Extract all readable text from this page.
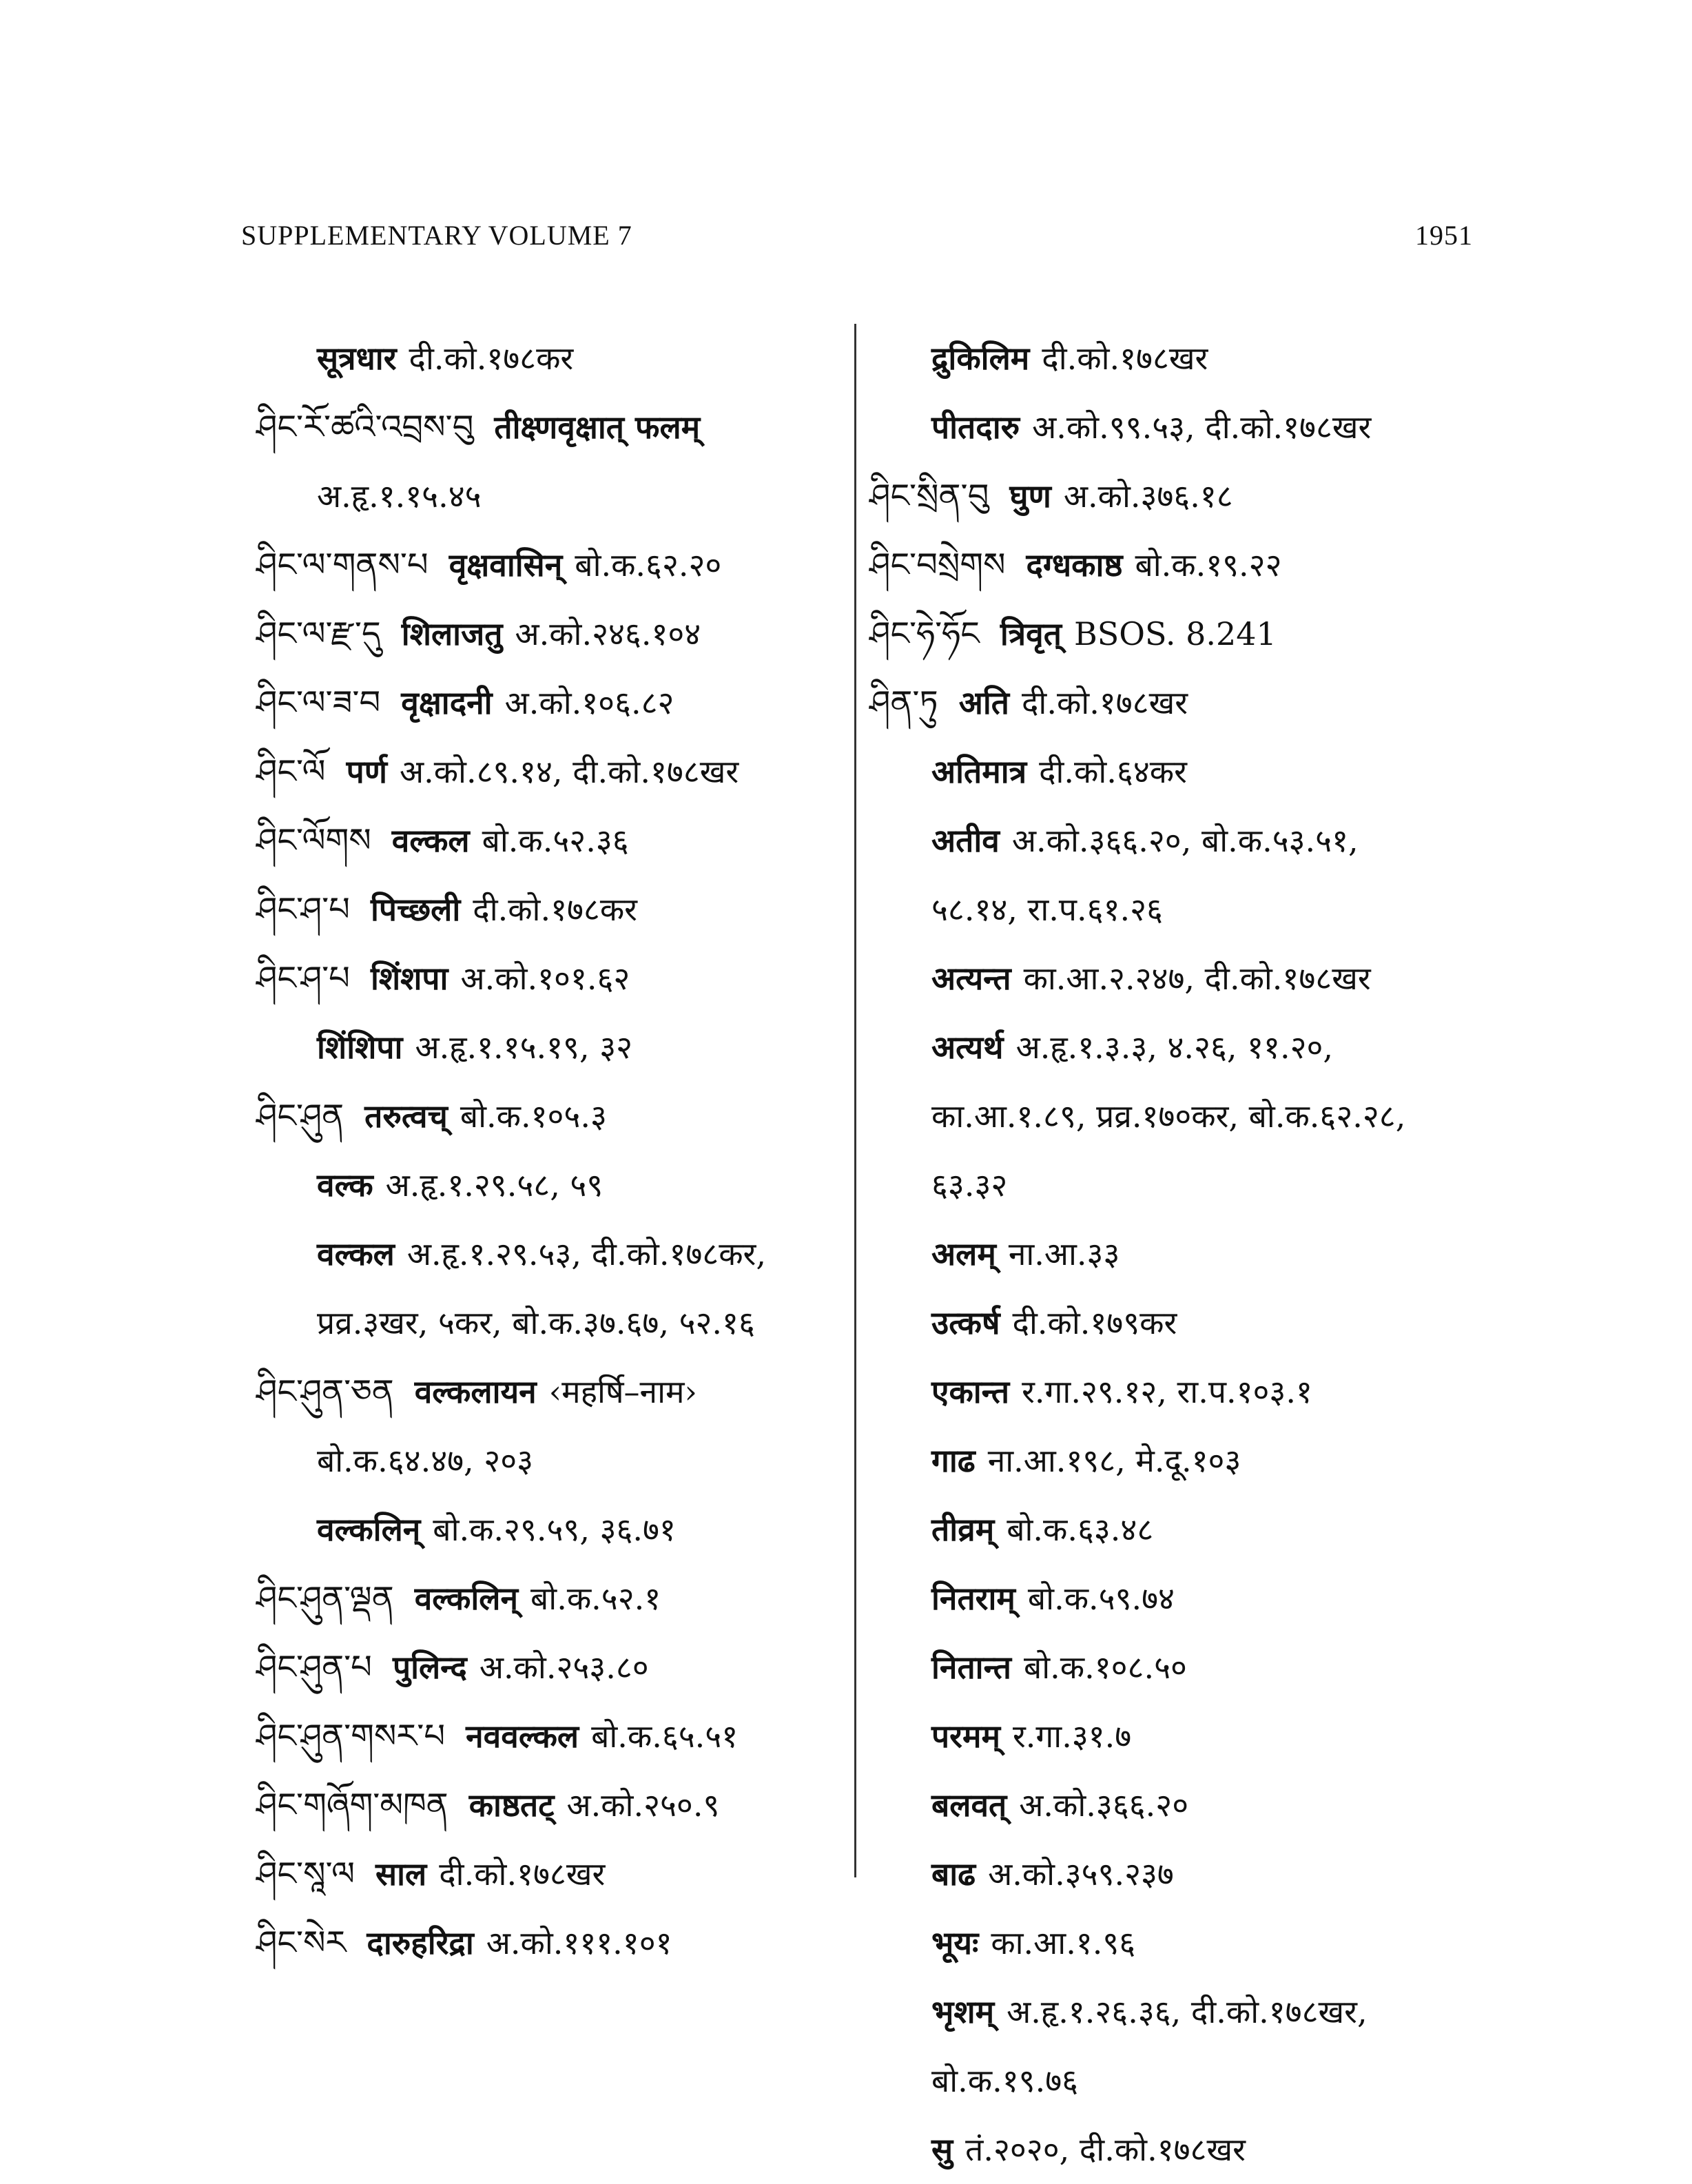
SUPPLEMENTARY VOLUME 7	1951
सूत्रधार दी.को.१७८कर
ཤིང་རོ་ཚའི་འབྲས་བུ तीक्ष्णवृक्षात् फलम्
अ.हृ.१.१५.४५
ཤིང་ལ་གནས་པ वृक्षवासिन् बो.क.६२.२०
ཤིང་ལ་རྫ་དུ शिलाजतु अ.को.२४६.१०४
ཤིང་ལ་ཟ་བ वृक्षादनी अ.को.१०६.८२
ཤིང་ལོ पर्ण अ.को.८९.१४, दी.को.१७८खर
ཤིང་ལོགས वल्कल बो.क.५२.३६
ཤིང་ཤ་པ पिच्छली दी.को.१७८कर
ཤིང་ཤ་པ शिंशपा अ.को.१०१.६२
शिंशिपा अ.हृ.१.१५.१९, ३२
ཤིང་ཤུན तरुत्वच् बो.क.१०५.३
वल्क अ.हृ.१.२९.५८, ५९
वल्कल अ.हृ.१.२९.५३, दी.को.१७८कर,
प्रव्र.३खर, ५कर, बो.क.३७.६७, ५२.१६
ཤིང་ཤུན་ཅན वल्कलायन ‹महर्षि–नाम›
बो.क.६४.४७, २०३
वल्कलिन् बो.क.२९.५९, ३६.७१
ཤིང་ཤུན་ལྡན वल्कलिन् बो.क.५२.१
ཤིང་ཤུན་པ पुलिन्द अ.को.२५३.८०
ཤིང་ཤུན་གསར་པ नववल्कल बो.क.६५.५१
ཤིང་གཞོག་མཁན काष्ठतट् अ.को.२५०.९
ཤིང་སཱ་ལ साल दी.को.१७८खर
ཤིང་སེར दारुहरिद्रा अ.को.१११.१०१
द्रुकिलिम दी.को.१७८खर
पीतदारु अ.को.९९.५३, दी.को.१७८खर
ཤིང་སྲིན་བུ घुण अ.को.३७६.१८
ཤིང་བསྲེགས दग्धकाष्ठ बो.क.१९.२२
ཤིང་ཧེ་ཧོང त्रिवृत् BSOS. 8.241
ཤིན་ཏུ अति दी.को.१७८खर
अतिमात्र दी.को.६४कर
अतीव अ.को.३६६.२०, बो.क.५३.५१,
५८.१४, रा.प.६१.२६
अत्यन्त का.आ.२.२४७, दी.को.१७८खर
अत्यर्थ अ.हृ.१.३.३, ४.२६, ११.२०,
का.आ.१.८९, प्रव्र.१७०कर, बो.क.६२.२८,
६३.३२
अलम् ना.आ.३३
उत्कर्ष दी.को.१७९कर
एकान्त र.गा.२९.१२, रा.प.१०३.१
गाढ ना.आ.१९८, मे.दू.१०३
तीव्रम् बो.क.६३.४८
नितराम् बो.क.५९.७४
नितान्त बो.क.१०८.५०
परमम् र.गा.३१.७
बलवत् अ.को.३६६.२०
बाढ अ.को.३५९.२३७
भूयः का.आ.१.९६
भृशम् अ.हृ.१.२६.३६, दी.को.१७८खर,
बो.क.१९.७६
सु तं.२०२०, दी.को.१७८खर
